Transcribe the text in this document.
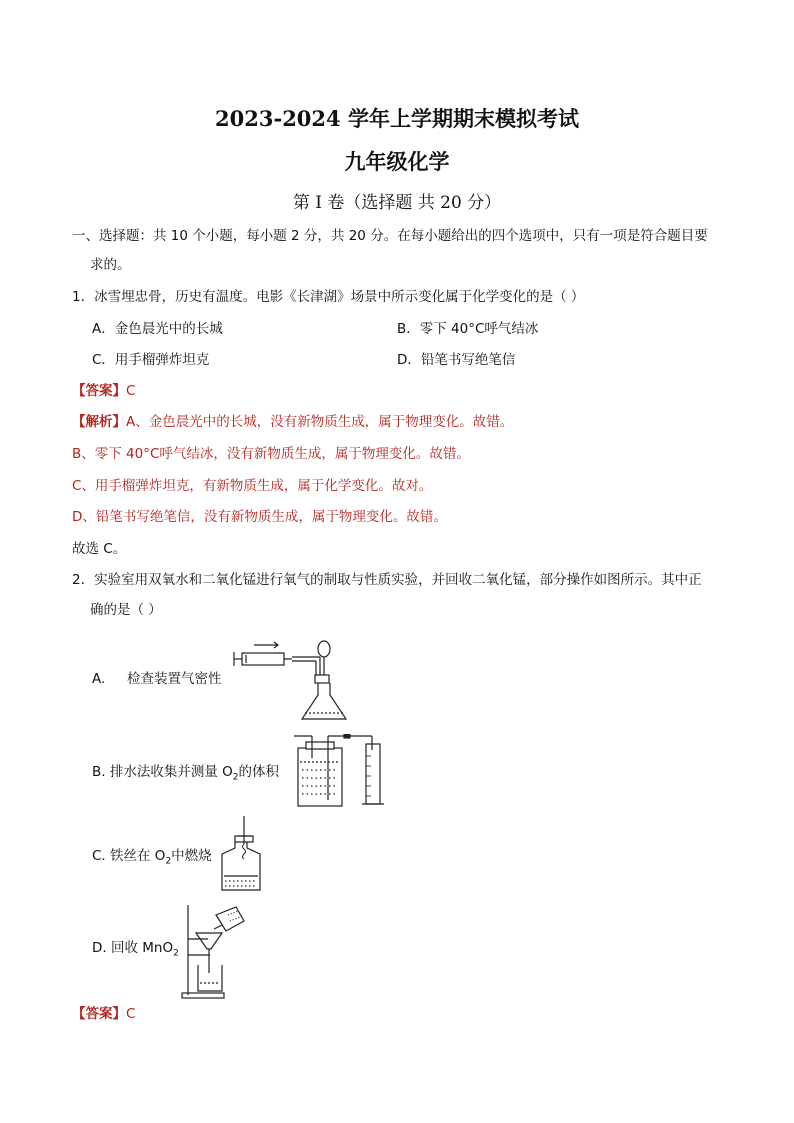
2023-2024 学年上学期期末模拟考试
九年级化学
第 I 卷（选择题 共 20 分）
一、选择题：共 10 个小题，每小题 2 分，共 20 分。在每小题给出的四个选项中，只有一项是符合题目要
求的。
1．冰雪埋忠骨，历史有温度。电影《长津湖》场景中所示变化属于化学变化的是（ ）
A．金色晨光中的长城	B．零下 40°C呼气结冰
C．用手榴弹炸坦克	D．铅笔书写绝笔信
【答案】C
【解析】A、金色晨光中的长城，没有新物质生成，属于物理变化。故错。
B、零下 40°C呼气结冰，没有新物质生成，属于物理变化。故错。
C、用手榴弹炸坦克，有新物质生成，属于化学变化。故对。
D、铅笔书写绝笔信，没有新物质生成，属于物理变化。故错。
故选 C。
2．实验室用双氧水和二氧化锰进行氧气的制取与性质实验，并回收二氧化锰，部分操作如图所示。其中正
确的是（ ）
A. 检查装置气密性
B. 排水法收集并测量 $O_2$的体积
C. 铁丝在 $O_2$中燃烧
D. 回收 MnO$_2$
【答案】C
